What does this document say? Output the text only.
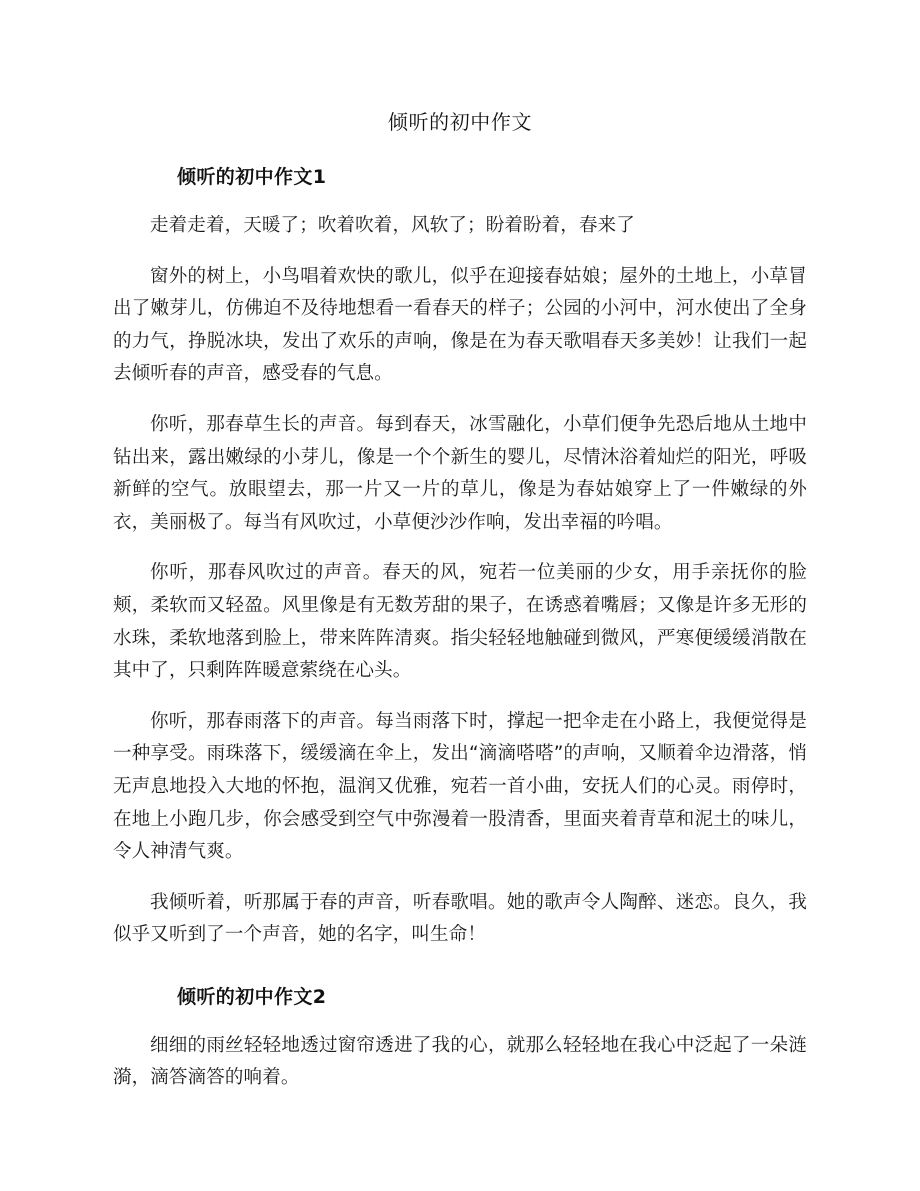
倾听的初中作文
倾听的初中作文1

走着走着，天暖了；吹着吹着，风软了；盼着盼着，春来了

窗外的树上，小鸟唱着欢快的歌儿，似乎在迎接春姑娘；屋外的土地上，小草冒出了嫩芽儿，仿佛迫不及待地想看一看春天的样子；公园的小河中，河水使出了全身的力气，挣脱冰块，发出了欢乐的声响，像是在为春天歌唱春天多美妙！让我们一起去倾听春的声音，感受春的气息。

你听，那春草生长的声音。每到春天，冰雪融化，小草们便争先恐后地从土地中钻出来，露出嫩绿的小芽儿，像是一个个新生的婴儿，尽情沐浴着灿烂的阳光，呼吸新鲜的空气。放眼望去，那一片又一片的草儿，像是为春姑娘穿上了一件嫩绿的外衣，美丽极了。每当有风吹过，小草便沙沙作响，发出幸福的吟唱。

你听，那春风吹过的声音。春天的风，宛若一位美丽的少女，用手亲抚你的脸颊，柔软而又轻盈。风里像是有无数芳甜的果子，在诱惑着嘴唇；又像是许多无形的水珠，柔软地落到脸上，带来阵阵清爽。指尖轻轻地触碰到微风，严寒便缓缓消散在其中了，只剩阵阵暖意萦绕在心头。

你听，那春雨落下的声音。每当雨落下时，撑起一把伞走在小路上，我便觉得是一种享受。雨珠落下，缓缓滴在伞上，发出“滴滴嗒嗒”的声响，又顺着伞边滑落，悄无声息地投入大地的怀抱，温润又优雅，宛若一首小曲，安抚人们的心灵。雨停时，在地上小跑几步，你会感受到空气中弥漫着一股清香，里面夹着青草和泥土的味儿，令人神清气爽。

我倾听着，听那属于春的声音，听春歌唱。她的歌声令人陶醉、迷恋。良久，我似乎又听到了一个声音，她的名字，叫生命！

倾听的初中作文2

细细的雨丝轻轻地透过窗帘透进了我的心，就那么轻轻地在我心中泛起了一朵涟漪，滴答滴答的响着。
